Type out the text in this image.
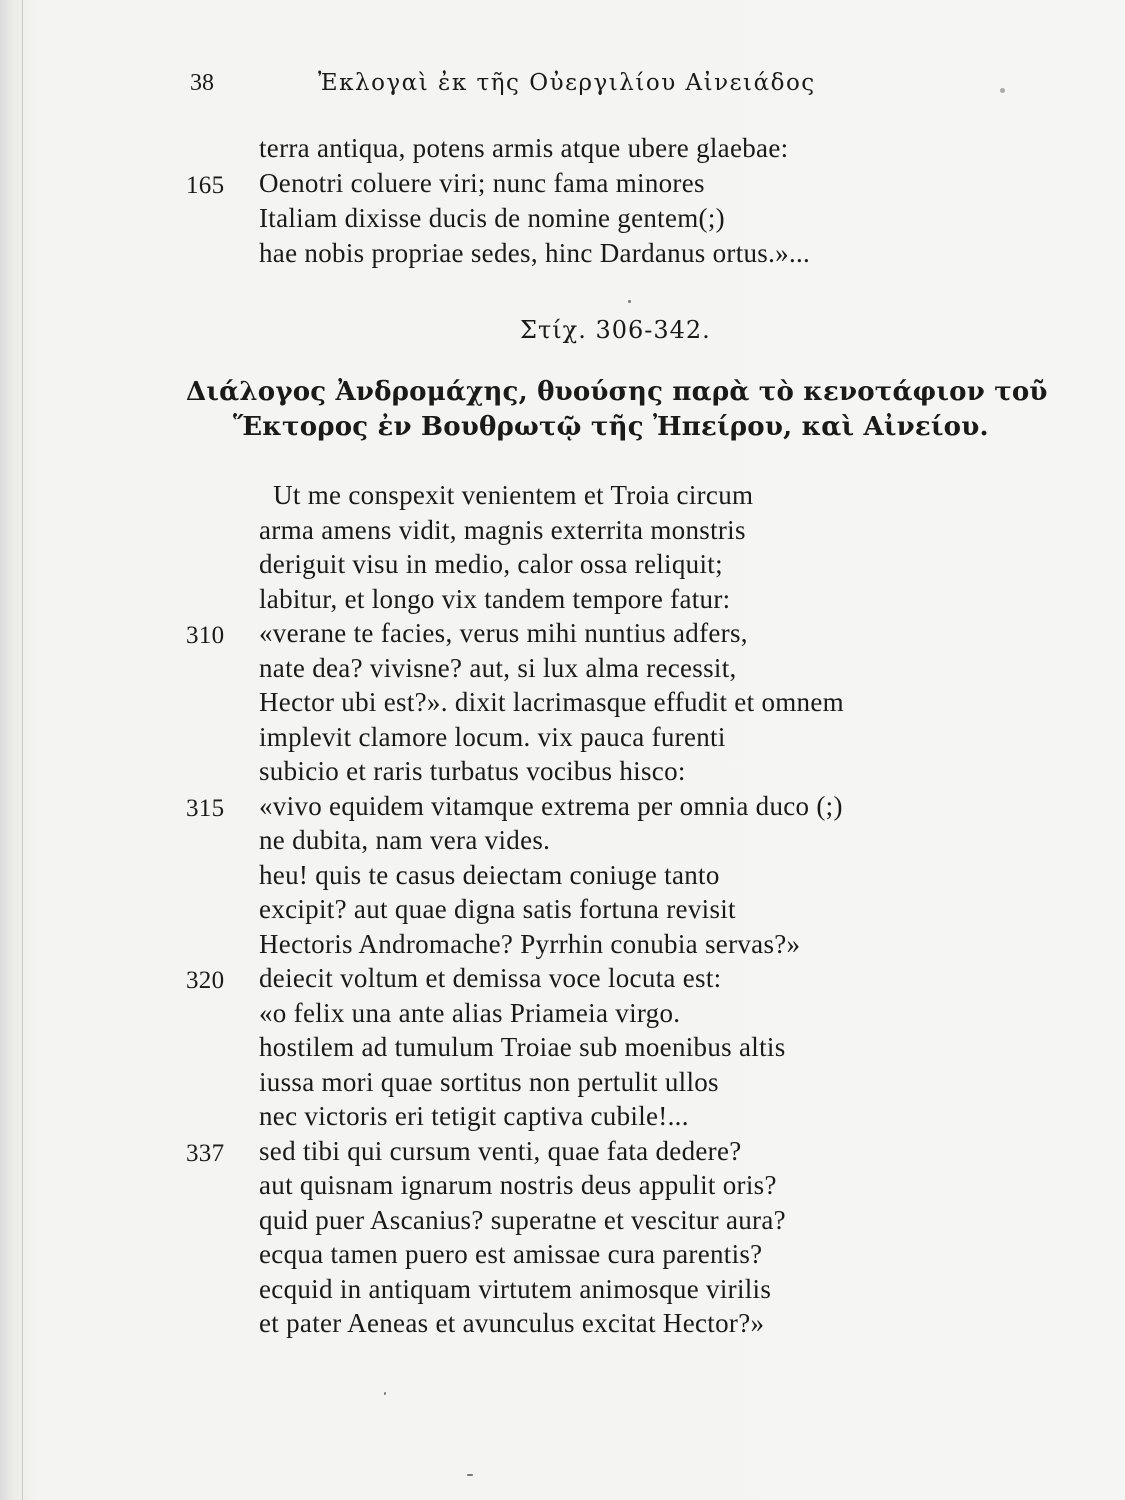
38	Ἐκλογαὶ ἐκ τῆς Οὐεργιλίου Αἰνειάδος
terra antiqua, potens armis atque ubere glaebae:
165 Oenotri coluere viri; nunc fama minores
Italiam dixisse ducis de nomine gentem(;)
hae nobis propriae sedes, hinc Dardanus ortus.»...
Στίχ. 306-342.
Διάλογος Ἀνδρομάχης, θυούσης παρὰ τὸ κενοτάφιον τοῦ
Ἕκτορος ἐν Βουθρωτῷ τῆς Ἠπείρου, καὶ Αἰνείου.
Ut me conspexit venientem et Troia circum
arma amens vidit, magnis exterrita monstris
deriguit visu in medio, calor ossa reliquit;
labitur, et longo vix tandem tempore fatur:
310 «verane te facies, verus mihi nuntius adfers,
nate dea? vivisne? aut, si lux alma recessit,
Hector ubi est?». dixit lacrimasque effudit et omnem
implevit clamore locum. vix pauca furenti
subicio et raris turbatus vocibus hisco:
315 «vivo equidem vitamque extrema per omnia duco (;)
ne dubita, nam vera vides.
heu! quis te casus deiectam coniuge tanto
excipit? aut quae digna satis fortuna revisit
Hectoris Andromache? Pyrrhin conubia servas?»
320 deiecit voltum et demissa voce locuta est:
«o felix una ante alias Priameia virgo.
hostilem ad tumulum Troiae sub moenibus altis
iussa mori quae sortitus non pertulit ullos
nec victoris eri tetigit captiva cubile!...
337 sed tibi qui cursum venti, quae fata dedere?
aut quisnam ignarum nostris deus appulit oris?
quid puer Ascanius? superatne et vescitur aura?
ecqua tamen puero est amissae cura parentis?
ecquid in antiquam virtutem animosque virilis
et pater Aeneas et avunculus excitat Hector?»
